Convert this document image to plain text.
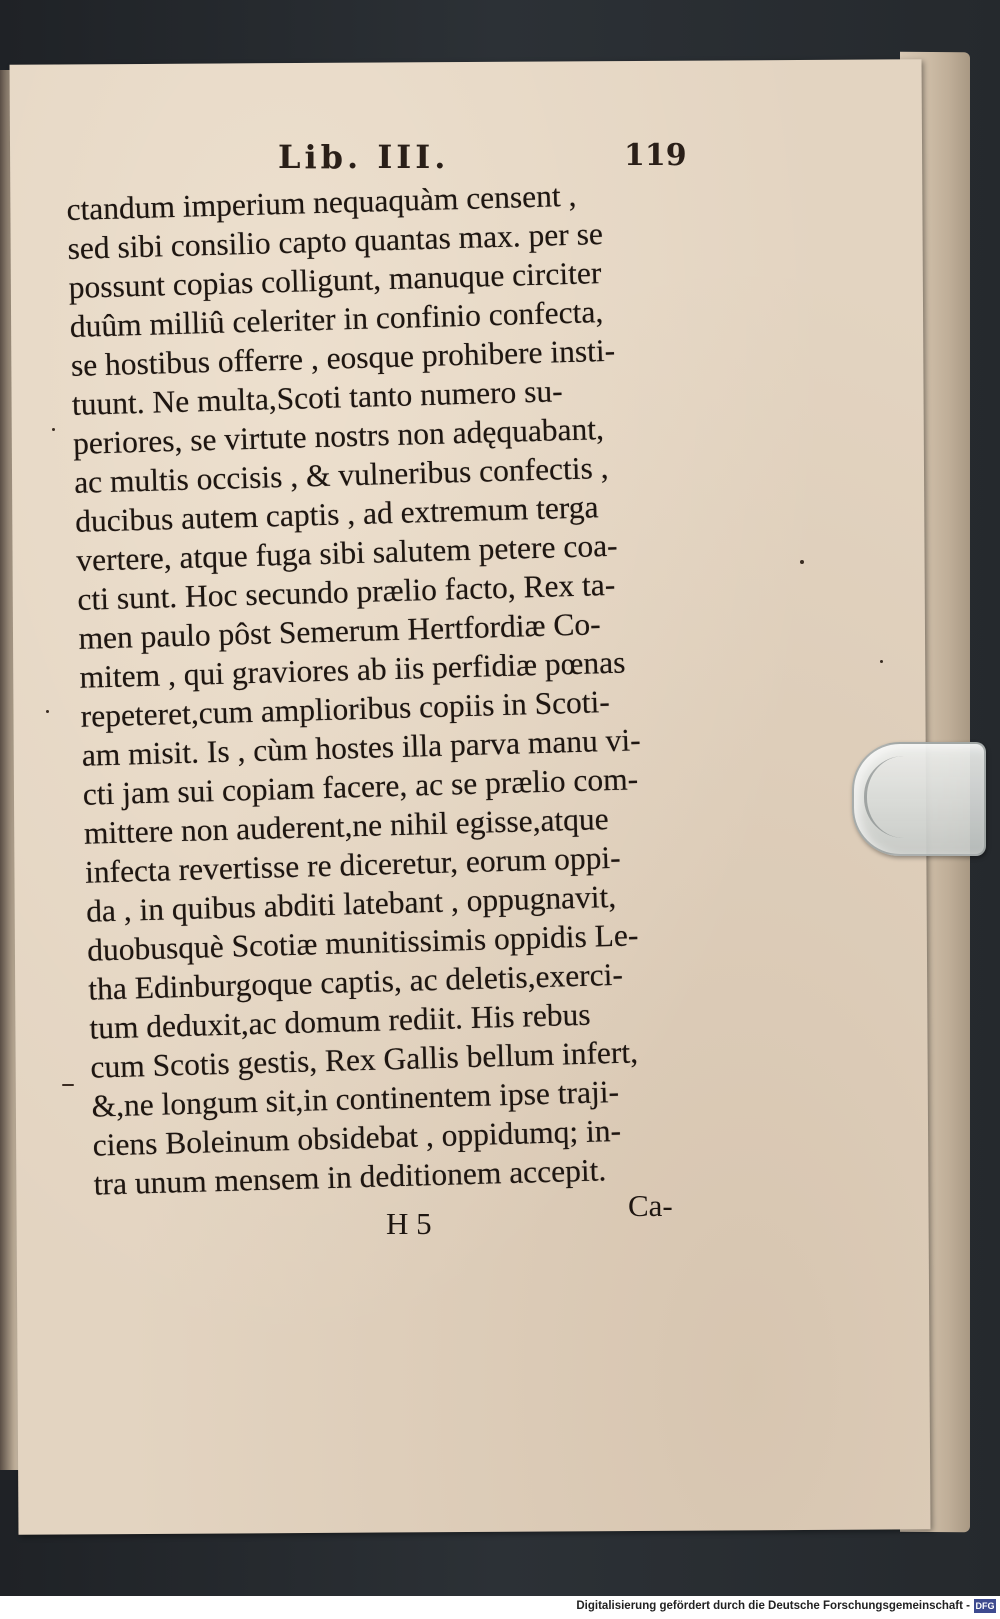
Lib. III.	119
ctandum imperium nequaquàm censent ,
sed sibi consilio capto quantas max. per se
possunt copias colligunt, manuque circiter
duûm milliû celeriter in confinio confecta,
se hostibus offerre , eosque prohibere insti-
tuunt. Ne multa,Scoti tanto numero su-
periores, se virtute nostrs non adęquabant,
ac multis occisis , & vulneribus confectis ,
ducibus autem captis , ad extremum terga
vertere, atque fuga sibi salutem petere coa-
cti sunt. Hoc secundo prælio facto, Rex ta-
men paulo pôst Semerum Hertfordiæ Co-
mitem , qui graviores ab iis perfidiæ pœnas
repeteret,cum amplioribus copiis in Scoti-
am misit. Is , cùm hostes illa parva manu vi-
cti jam sui copiam facere, ac se prælio com-
mittere non auderent,ne nihil egisse,atque
infecta revertisse re diceretur, eorum oppi-
da , in quibus abditi latebant , oppugnavit,
duobusquè Scotiæ munitissimis oppidis Le-
tha Edinburgoque captis, ac deletis,exerci-
tum deduxit,ac domum rediit. His rebus
cum Scotis gestis, Rex Gallis bellum infert,
&,ne longum sit,in continentem ipse traji-
ciens Boleinum obsidebat , oppidumq; in-
tra unum mensem in deditionem accepit.
H 5
Ca-
Digitalisierung gefördert durch die Deutsche Forschungsgemeinschaft - DFG
